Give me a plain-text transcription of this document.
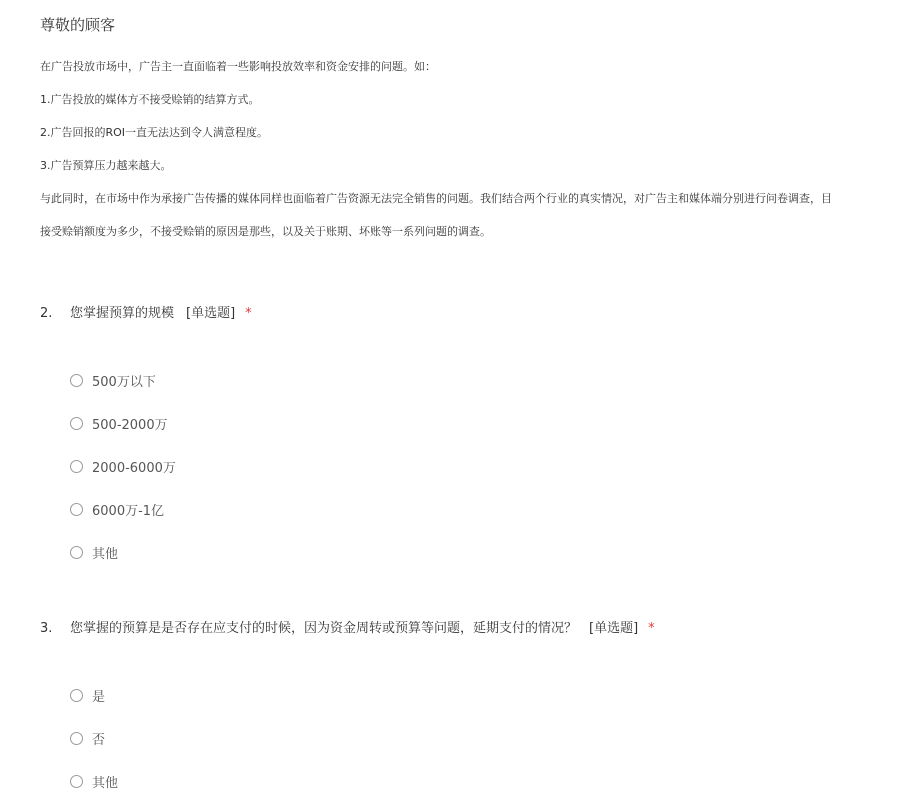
尊敬的顾客
在广告投放市场中，广告主一直面临着一些影响投放效率和资金安排的问题。如：
1.广告投放的媒体方不接受赊销的结算方式。
2.广告回报的ROI一直无法达到令人满意程度。
3.广告预算压力越来越大。
与此同时，在市场中作为承接广告传播的媒体同样也面临着广告资源无法完全销售的问题。我们结合两个行业的真实情况，对广告主和媒体端分别进行问卷调查，目
接受赊销额度为多少，不接受赊销的原因是那些，以及关于账期、坏账等一系列问题的调查。
2. 您掌握预算的规模 [单选题] *
500万以下
500-2000万
2000-6000万
6000万-1亿
其他
3. 您掌握的预算是是否存在应支付的时候，因为资金周转或预算等问题，延期支付的情况？ [单选题] *
是
否
其他
